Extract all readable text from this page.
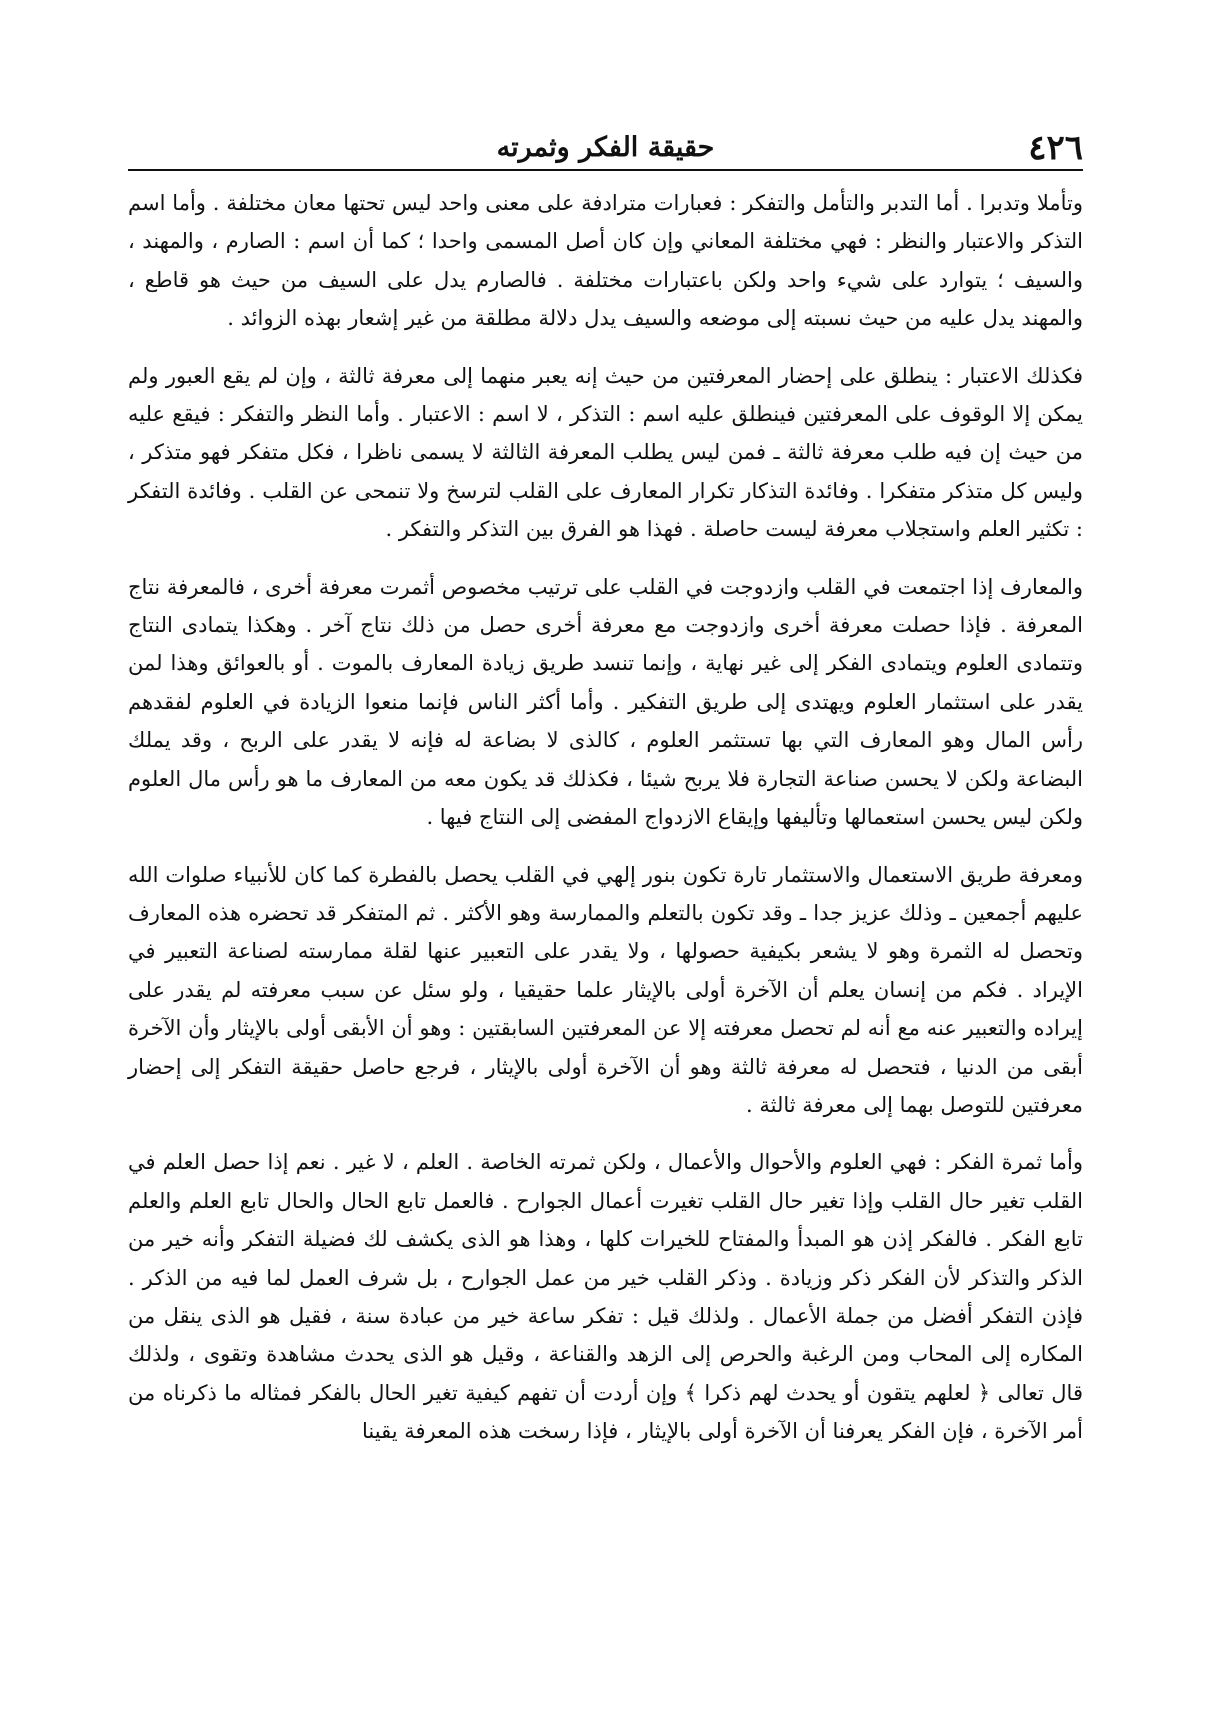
٤٢٦
حقيقة الفكر وثمرته

وتأملا وتدبرا . أما التدبر والتأمل والتفكر : فعبارات مترادفة على معنى واحد ليس تحتها معان مختلفة . وأما اسم التذكر والاعتبار والنظر : فهي مختلفة المعاني وإن كان أصل المسمى واحدا ؛ كما أن اسم : الصارم ، والمهند ، والسيف ؛ يتوارد على شيء واحد ولكن باعتبارات مختلفة . فالصارم يدل على السيف من حيث هو قاطع ، والمهند يدل عليه من حيث نسبته إلى موضعه والسيف يدل دلالة مطلقة من غير إشعار بهذه الزوائد .

فكذلك الاعتبار : ينطلق على إحضار المعرفتين من حيث إنه يعبر منهما إلى معرفة ثالثة ، وإن لم يقع العبور ولم يمكن إلا الوقوف على المعرفتين فينطلق عليه اسم : التذكر ، لا اسم : الاعتبار . وأما النظر والتفكر : فيقع عليه من حيث إن فيه طلب معرفة ثالثة ـ فمن ليس يطلب المعرفة الثالثة لا يسمى ناظرا ، فكل متفكر فهو متذكر ، وليس كل متذكر متفكرا . وفائدة التذكار تكرار المعارف على القلب لترسخ ولا تنمحى عن القلب . وفائدة التفكر : تكثير العلم واستجلاب معرفة ليست حاصلة . فهذا هو الفرق بين التذكر والتفكر .

والمعارف إذا اجتمعت في القلب وازدوجت في القلب على ترتيب مخصوص أثمرت معرفة أخرى ، فالمعرفة نتاج المعرفة . فإذا حصلت معرفة أخرى وازدوجت مع معرفة أخرى حصل من ذلك نتاج آخر . وهكذا يتمادى النتاج وتتمادى العلوم ويتمادى الفكر إلى غير نهاية ، وإنما تنسد طريق زيادة المعارف بالموت . أو بالعوائق وهذا لمن يقدر على استثمار العلوم ويهتدى إلى طريق التفكير . وأما أكثر الناس فإنما منعوا الزيادة في العلوم لفقدهم رأس المال وهو المعارف التي بها تستثمر العلوم ، كالذى لا بضاعة له فإنه لا يقدر على الربح ، وقد يملك البضاعة ولكن لا يحسن صناعة التجارة فلا يربح شيئا ، فكذلك قد يكون معه من المعارف ما هو رأس مال العلوم ولكن ليس يحسن استعمالها وتأليفها وإيقاع الازدواج المفضى إلى النتاج فيها .

ومعرفة طريق الاستعمال والاستثمار تارة تكون بنور إلهي في القلب يحصل بالفطرة كما كان للأنبياء صلوات الله عليهم أجمعين ـ وذلك عزيز جدا ـ وقد تكون بالتعلم والممارسة وهو الأكثر . ثم المتفكر قد تحضره هذه المعارف وتحصل له الثمرة وهو لا يشعر بكيفية حصولها ، ولا يقدر على التعبير عنها لقلة ممارسته لصناعة التعبير في الإيراد . فكم من إنسان يعلم أن الآخرة أولى بالإيثار علما حقيقيا ، ولو سئل عن سبب معرفته لم يقدر على إيراده والتعبير عنه مع أنه لم تحصل معرفته إلا عن المعرفتين السابقتين : وهو أن الأبقى أولى بالإيثار وأن الآخرة أبقى من الدنيا ، فتحصل له معرفة ثالثة وهو أن الآخرة أولى بالإيثار ، فرجع حاصل حقيقة التفكر إلى إحضار معرفتين للتوصل بهما إلى معرفة ثالثة .

وأما ثمرة الفكر : فهي العلوم والأحوال والأعمال ، ولكن ثمرته الخاصة . العلم ، لا غير . نعم إذا حصل العلم في القلب تغير حال القلب وإذا تغير حال القلب تغيرت أعمال الجوارح . فالعمل تابع الحال والحال تابع العلم والعلم تابع الفكر . فالفكر إذن هو المبدأ والمفتاح للخيرات كلها ، وهذا هو الذى يكشف لك فضيلة التفكر وأنه خير من الذكر والتذكر لأن الفكر ذكر وزيادة . وذكر القلب خير من عمل الجوارح ، بل شرف العمل لما فيه من الذكر . فإذن التفكر أفضل من جملة الأعمال . ولذلك قيل : تفكر ساعة خير من عبادة سنة ، فقيل هو الذى ينقل من المكاره إلى المحاب ومن الرغبة والحرص إلى الزهد والقناعة ، وقيل هو الذى يحدث مشاهدة وتقوى ، ولذلك قال تعالى ﴿ لعلهم يتقون أو يحدث لهم ذكرا ﴾ وإن أردت أن تفهم كيفية تغير الحال بالفكر فمثاله ما ذكرناه من أمر الآخرة ، فإن الفكر يعرفنا أن الآخرة أولى بالإيثار ، فإذا رسخت هذه المعرفة يقينا
